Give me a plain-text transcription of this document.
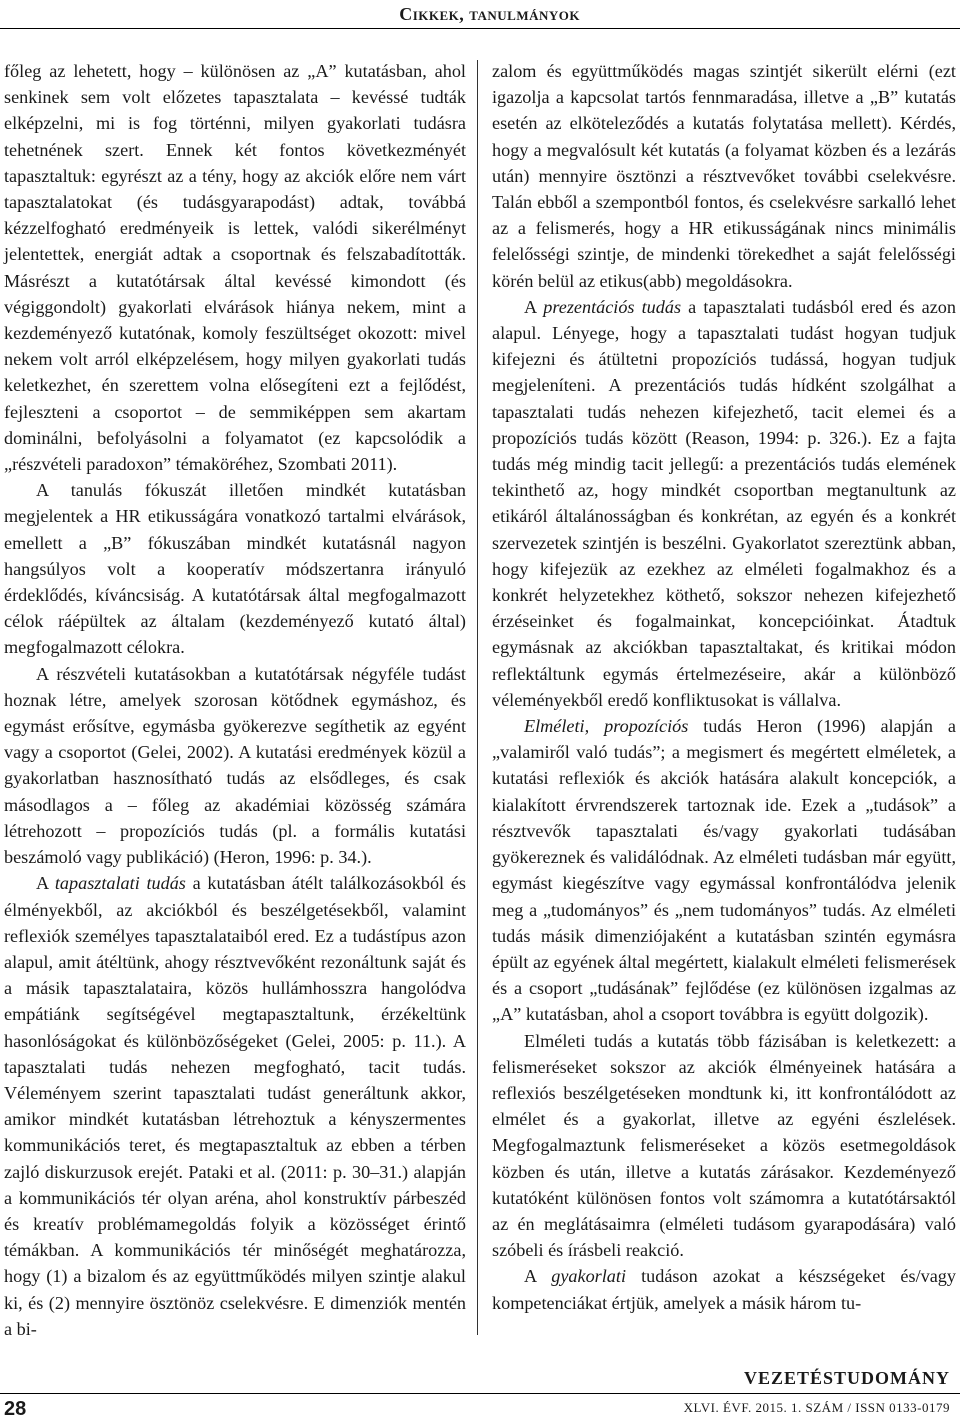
Cikkek, tanulmányok

főleg az lehetett, hogy – különösen az „A” kutatásban, ahol senkinek sem volt előzetes tapasztalata – kevéssé tudták elképzelni, mi is fog történni, milyen gyakorlati tudásra tehetnének szert. Ennek két fontos következményét tapasztaltuk: egyrészt az a tény, hogy az akciók előre nem várt tapasztalatokat (és tudásgyarapodást) adtak, továbbá kézzelfogható eredményeik is lettek, valódi sikerélményt jelentettek, energiát adtak a csoportnak és felszabadították. Másrészt a kutatótársak által kevéssé kimondott (és végiggondolt) gyakorlati elvárások hiánya nekem, mint a kezdeményező kutatónak, komoly feszültséget okozott: mivel nekem volt arról elképzelésem, hogy milyen gyakorlati tudás keletkezhet, én szerettem volna elősegíteni ezt a fejlődést, fejleszteni a csoportot – de semmiképpen sem akartam dominálni, befolyásolni a folyamatot (ez kapcsolódik a „részvételi paradoxon” témaköréhez, Szombati 2011).

A tanulás fókuszát illetően mindkét kutatásban megjelentek a HR etikusságára vonatkozó tartalmi elvárások, emellett a „B” fókuszában mindkét kutatásnál nagyon hangsúlyos volt a kooperatív módszertanra irányuló érdeklődés, kíváncsiság. A kutatótársak által megfogalmazott célok ráépültek az általam (kezdeményező kutató által) megfogalmazott célokra.

A részvételi kutatásokban a kutatótársak négyféle tudást hoznak létre, amelyek szorosan kötődnek egymáshoz, és egymást erősítve, egymásba gyökerezve segíthetik az egyént vagy a csoportot (Gelei, 2002). A kutatási eredmények közül a gyakorlatban hasznosítható tudás az elsődleges, és csak másodlagos a – főleg az akadémiai közösség számára létrehozott – propozíciós tudás (pl. a formális kutatási beszámoló vagy publikáció) (Heron, 1996: p. 34.).

A tapasztalati tudás a kutatásban átélt találkozásokból és élményekből, az akciókból és beszélgetésekből, valamint reflexiók személyes tapasztalataiból ered. Ez a tudástípus azon alapul, amit átéltünk, ahogy résztvevőként rezonáltunk saját és a másik tapasztalataira, közös hullámhosszra hangolódva empátiánk segítségével megtapasztaltunk, érzékeltünk hasonlóságokat és különbözőségeket (Gelei, 2005: p. 11.). A tapasztalati tudás nehezen megfogható, tacit tudás. Véleményem szerint tapasztalati tudást generáltunk akkor, amikor mindkét kutatásban létrehoztuk a kényszermentes kommunikációs teret, és megtapasztaltuk az ebben a térben zajló diskurzusok erejét. Pataki et al. (2011: p. 30–31.) alapján a kommunikációs tér olyan aréna, ahol konstruktív párbeszéd és kreatív problémamegoldás folyik a közösséget érintő témákban. A kommunikációs tér minőségét meghatározza, hogy (1) a bizalom és az együttműködés milyen szintje alakul ki, és (2) mennyire ösztönöz cselekvésre. E dimenziók mentén a bi-

zalom és együttműködés magas szintjét sikerült elérni (ezt igazolja a kapcsolat tartós fennmaradása, illetve a „B” kutatás esetén az elköteleződés a kutatás folytatása mellett). Kérdés, hogy a megvalósult két kutatás (a folyamat közben és a lezárás után) mennyire ösztönzi a résztvevőket további cselekvésre. Talán ebből a szempontból fontos, és cselekvésre sarkalló lehet az a felismerés, hogy a HR etikusságának nincs minimális felelősségi szintje, de mindenki törekedhet a saját felelősségi körén belül az etikus(abb) megoldásokra.

A prezentációs tudás a tapasztalati tudásból ered és azon alapul. Lényege, hogy a tapasztalati tudást hogyan tudjuk kifejezni és átültetni propozíciós tudássá, hogyan tudjuk megjeleníteni. A prezentációs tudás hídként szolgálhat a tapasztalati tudás nehezen kifejezhető, tacit elemei és a propozíciós tudás között (Reason, 1994: p. 326.). Ez a fajta tudás még mindig tacit jellegű: a prezentációs tudás elemének tekinthető az, hogy mindkét csoportban megtanultunk az etikáról általánosságban és konkrétan, az egyén és a konkrét szervezetek szintjén is beszélni. Gyakorlatot szereztünk abban, hogy kifejezük az ezekhez az elméleti fogalmakhoz és a konkrét helyzetekhez köthető, sokszor nehezen kifejezhető érzéseinket és fogalmainkat, koncepcióinkat. Átadtuk egymásnak az akciókban tapasztaltakat, és kritikai módon reflektáltunk egymás értelmezéseire, akár a különböző véleményekből eredő konfliktusokat is vállalva.

Elméleti, propozíciós tudás Heron (1996) alapján a „valamiről való tudás”; a megismert és megértett elméletek, a kutatási reflexiók és akciók hatására alakult koncepciók, a kialakított érvrendszerek tartoznak ide. Ezek a „tudások” a résztvevők tapasztalati és/vagy gyakorlati tudásában gyökereznek és validálódnak. Az elméleti tudásban már együtt, egymást kiegészítve vagy egymással konfrontálódva jelenik meg a „tudományos” és „nem tudományos” tudás. Az elméleti tudás másik dimenziójaként a kutatásban szintén egymásra épült az egyének által megértett, kialakult elméleti felismerések és a csoport „tudásának” fejlődése (ez különösen izgalmas az „A” kutatásban, ahol a csoport továbbra is együtt dolgozik).

Elméleti tudás a kutatás több fázisában is keletkezett: a felismeréseket sokszor az akciók élményeinek hatására a reflexiós beszélgetéseken mondtunk ki, itt konfrontálódott az elmélet és a gyakorlat, illetve az egyéni észlelések. Megfogalmaztunk felismeréseket a közös esetmegoldások közben és után, illetve a kutatás zárásakor. Kezdeményező kutatóként különösen fontos volt számomra a kutatótársaktól az én meglátásaimra (elméleti tudásom gyarapodására) való szóbeli és írásbeli reakció.

A gyakorlati tudáson azokat a készségeket és/vagy kompetenciákat értjük, amelyek a másik három tu-

VEZETÉSTUDOMÁNY
28	XLVI. ÉVF. 2015. 1. SZÁM / ISSN 0133-0179
